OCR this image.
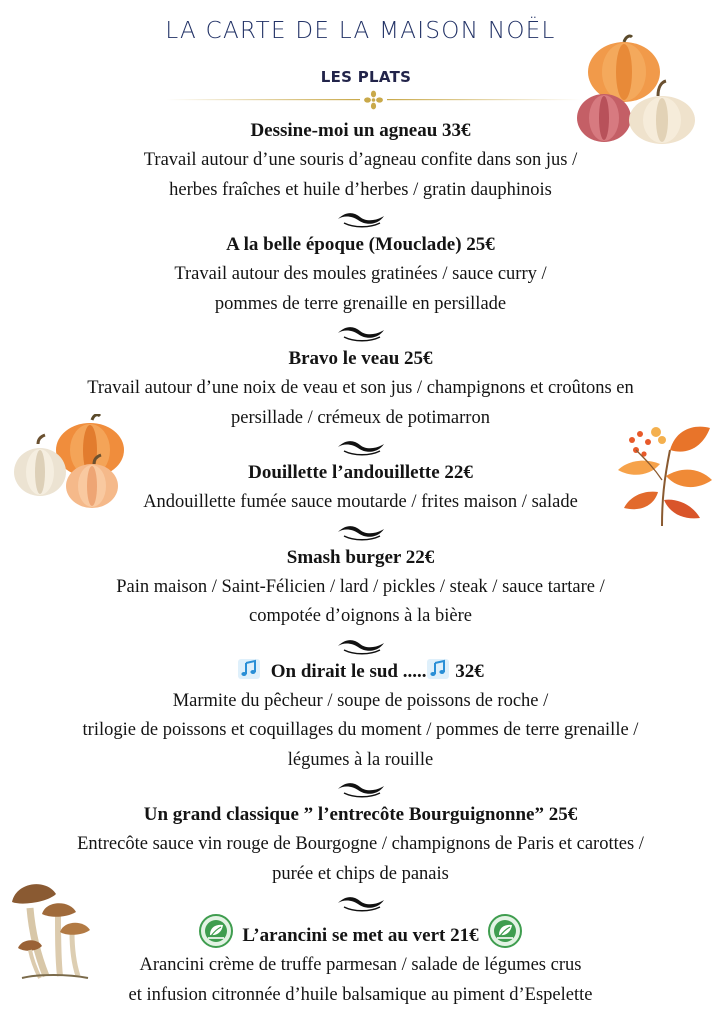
LA CARTE DE LA MAISON NOËL
LES PLATS
Dessine-moi un agneau 33€
Travail autour d’une souris d’agneau confite dans son jus /
herbes fraîches et huile d’herbes / gratin dauphinois
A la belle époque (Mouclade) 25€
Travail autour des moules gratinées / sauce curry /
pommes de terre grenaille en persillade
Bravo le veau 25€
Travail autour d’une noix de veau et son jus / champignons et croûtons en
persillade / crémeux de potimarron
Douillette l’andouillette 22€
Andouillette fumée sauce moutarde / frites maison / salade
Smash burger 22€
Pain maison / Saint-Félicien / lard / pickles / steak / sauce tartare /
compotée d’oignons à la bière
On dirait le sud ..... 32€
Marmite du pêcheur / soupe de poissons de roche /
trilogie de poissons et coquillages du moment / pommes de terre grenaille /
légumes à la rouille
Un grand classique ” l’entrecôte Bourguignonne” 25€
Entrecôte sauce vin rouge de Bourgogne / champignons de Paris et carottes /
purée et chips de panais
L’arancini se met au vert 21€
Arancini crème de truffe parmesan / salade de légumes crus
et infusion citronnée d’huile balsamique au piment d’Espelette
